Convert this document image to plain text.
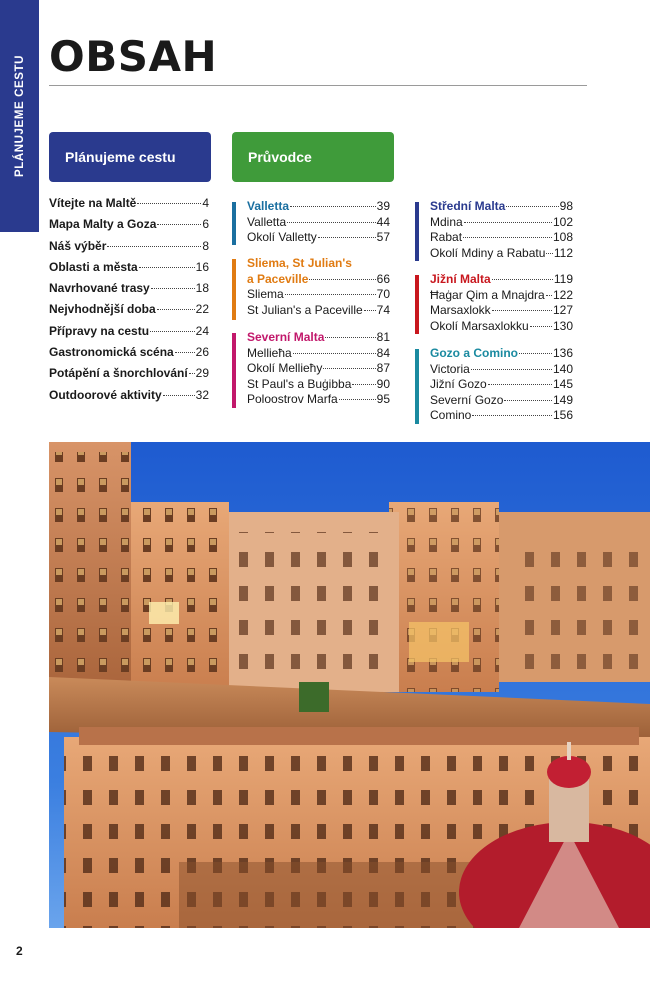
PLÁNUJEME CESTU OBSAH
Plánujeme cestu	Průvodce
Vítejte na Maltě	4
Mapa Malty a Goza	6
Náš výběr	8
Oblasti a města	16
Navrhované trasy	18
Nejvhodnější doba	22
Přípravy na cestu	24
Gastronomická scéna 26
Potápění a šnorchlování 29
Outdoorové aktivity	32
Valletta	39
Valletta	44
Okolí Valletty	57
Sliema, St Julian's
a Paceville	66
Sliema	70
St Julian's a Paceville 74
Severní Malta	81
Mellieħa	84
Okolí Mellieħy	87
St Paul's a Buġibba 90
Poloostrov Marfa	95
Střední Malta	98
Mdina	102
Rabat	108
Okolí Mdiny a Rabatu 112
Jižní Malta	119
Ħaġar Qim a Mnajdra 122
Marsaxlokk	127
Okolí Marsaxlokku 130
Gozo a Comino	136
Victoria	140
Jižní Gozo	145
Severní Gozo	149
Comino	156
2
